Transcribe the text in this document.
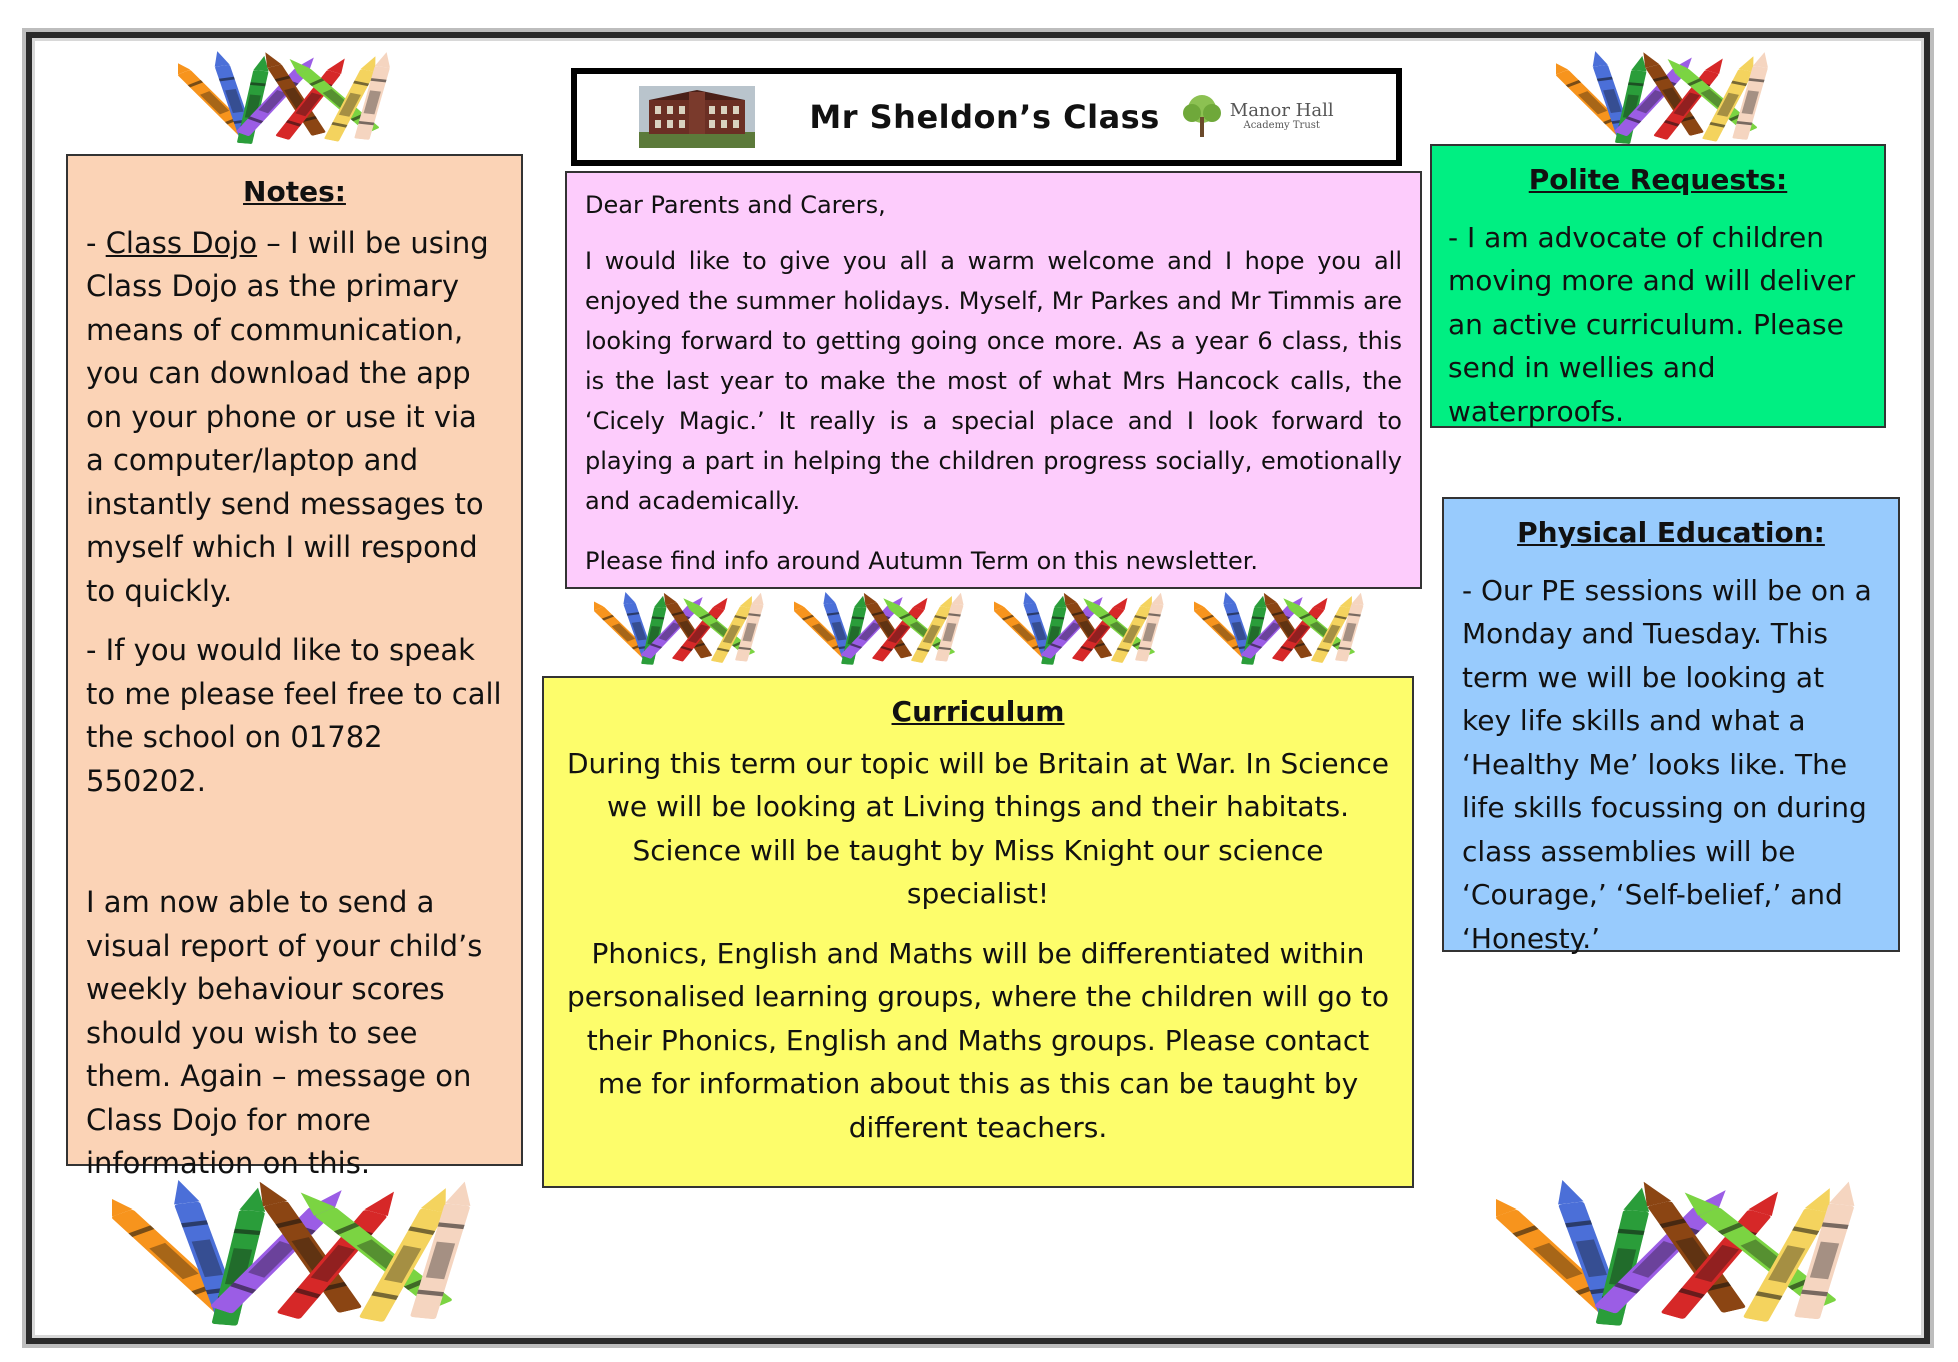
Mr Sheldon’s Class	Manor Hall
Academy Trust
Notes:

- Class Dojo – I will be using Class Dojo as the primary means of communication, you can download the app on your phone or use it via a computer/laptop and instantly send messages to myself which I will respond to quickly.

- If you would like to speak to me please feel free to call the school on 01782 550202.

I am now able to send a visual report of your child’s weekly behaviour scores should you wish to see them. Again – message on Class Dojo for more information on this.

Dear Parents and Carers,

I would like to give you all a warm welcome and I hope you all enjoyed the summer holidays. Myself, Mr Parkes and Mr Timmis are looking forward to getting going once more. As a year 6 class, this is the last year to make the most of what Mrs Hancock calls, the ‘Cicely Magic.’ It really is a special place and I look forward to playing a part in helping the children progress socially, emotionally and academically.

Please find info around Autumn Term on this newsletter.

Polite Requests:

- I am advocate of children moving more and will deliver an active curriculum. Please send in wellies and waterproofs.

Physical Education:

- Our PE sessions will be on a Monday and Tuesday. This term we will be looking at key life skills and what a ‘Healthy Me’ looks like. The life skills focussing on during class assemblies will be ‘Courage,’ ‘Self-belief,’ and ‘Honesty.’

Curriculum

During this term our topic will be Britain at War. In Science we will be looking at Living things and their habitats. Science will be taught by Miss Knight our science specialist!

Phonics, English and Maths will be differentiated within personalised learning groups, where the children will go to their Phonics, English and Maths groups. Please contact me for information about this as this can be taught by different teachers.
